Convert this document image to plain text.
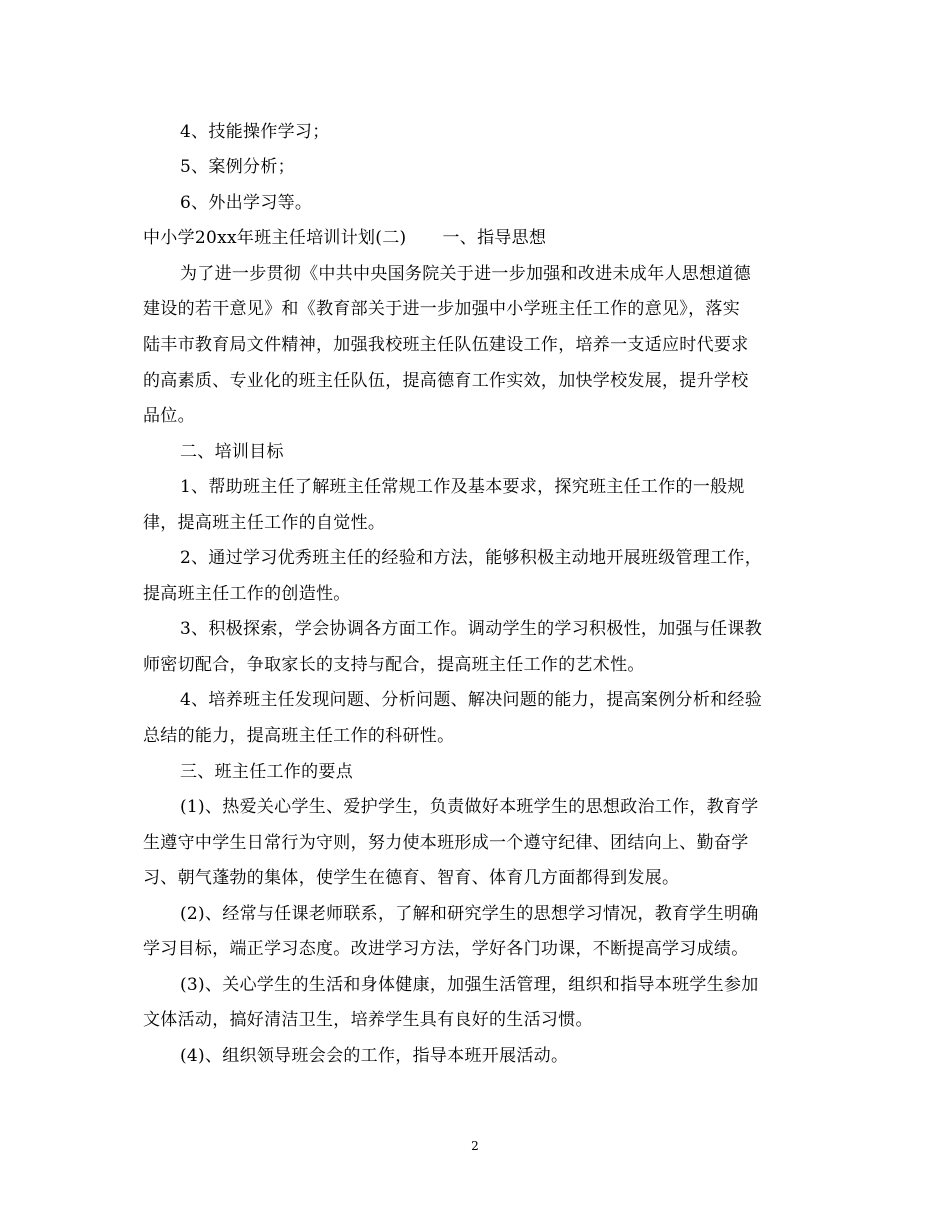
4、技能操作学习；
5、案例分析；
6、外出学习等。
中小学20xx年班主任培训计划(二) 一、指导思想
为了进一步贯彻《中共中央国务院关于进一步加强和改进未成年人思想道德
建设的若干意见》和《教育部关于进一步加强中小学班主任工作的意见》，落实
陆丰市教育局文件精神，加强我校班主任队伍建设工作，培养一支适应时代要求
的高素质、专业化的班主任队伍，提高德育工作实效，加快学校发展，提升学校
品位。
二、培训目标
1、帮助班主任了解班主任常规工作及基本要求，探究班主任工作的一般规
律，提高班主任工作的自觉性。
2、通过学习优秀班主任的经验和方法，能够积极主动地开展班级管理工作，
提高班主任工作的创造性。
3、积极探索，学会协调各方面工作。调动学生的学习积极性，加强与任课教
师密切配合，争取家长的支持与配合，提高班主任工作的艺术性。
4、培养班主任发现问题、分析问题、解决问题的能力，提高案例分析和经验
总结的能力，提高班主任工作的科研性。
三、班主任工作的要点
(1)、热爱关心学生、爱护学生，负责做好本班学生的思想政治工作，教育学
生遵守中学生日常行为守则，努力使本班形成一个遵守纪律、团结向上、勤奋学
习、朝气蓬勃的集体，使学生在德育、智育、体育几方面都得到发展。
(2)、经常与任课老师联系，了解和研究学生的思想学习情况，教育学生明确
学习目标，端正学习态度。改进学习方法，学好各门功课，不断提高学习成绩。
(3)、关心学生的生活和身体健康，加强生活管理，组织和指导本班学生参加
文体活动，搞好清洁卫生，培养学生具有良好的生活习惯。
(4)、组织领导班会会的工作，指导本班开展活动。
2
